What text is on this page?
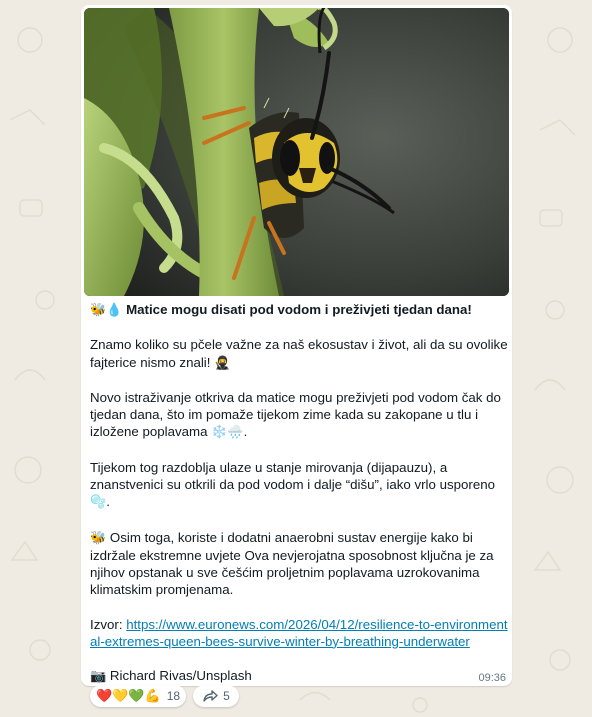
🐝💧 Matice mogu disati pod vodom i preživjeti tjedan dana!

Znamo koliko su pčele važne za naš ekosustav i život, ali da su ovolike fajterice nismo znali! 🥷

Novo istraživanje otkriva da matice mogu preživjeti pod vodom čak do tjedan dana, što im pomaže tijekom zime kada su zakopane u tlu i izložene poplavama ❄️🌧️.

Tijekom tog razdoblja ulaze u stanje mirovanja (dijapauzu), a znanstvenici su otkrili da pod vodom i dalje “dišu”, iako vrlo usporeno 🫧.

🐝 Osim toga, koriste i dodatni anaerobni sustav energije kako bi izdržale ekstremne uvjete Ova nevjerojatna sposobnost ključna je za njihov opstanak u sve češćim proljetnim poplavama uzrokovanima klimatskim promjenama.

Izvor: https://www.euronews.com/2026/04/12/resilience-to-environmental-extremes-queen-bees-survive-winter-by-breathing-underwater

📷 Richard Rivas/Unsplash	09:36
❤️💛💚💪 18	5
